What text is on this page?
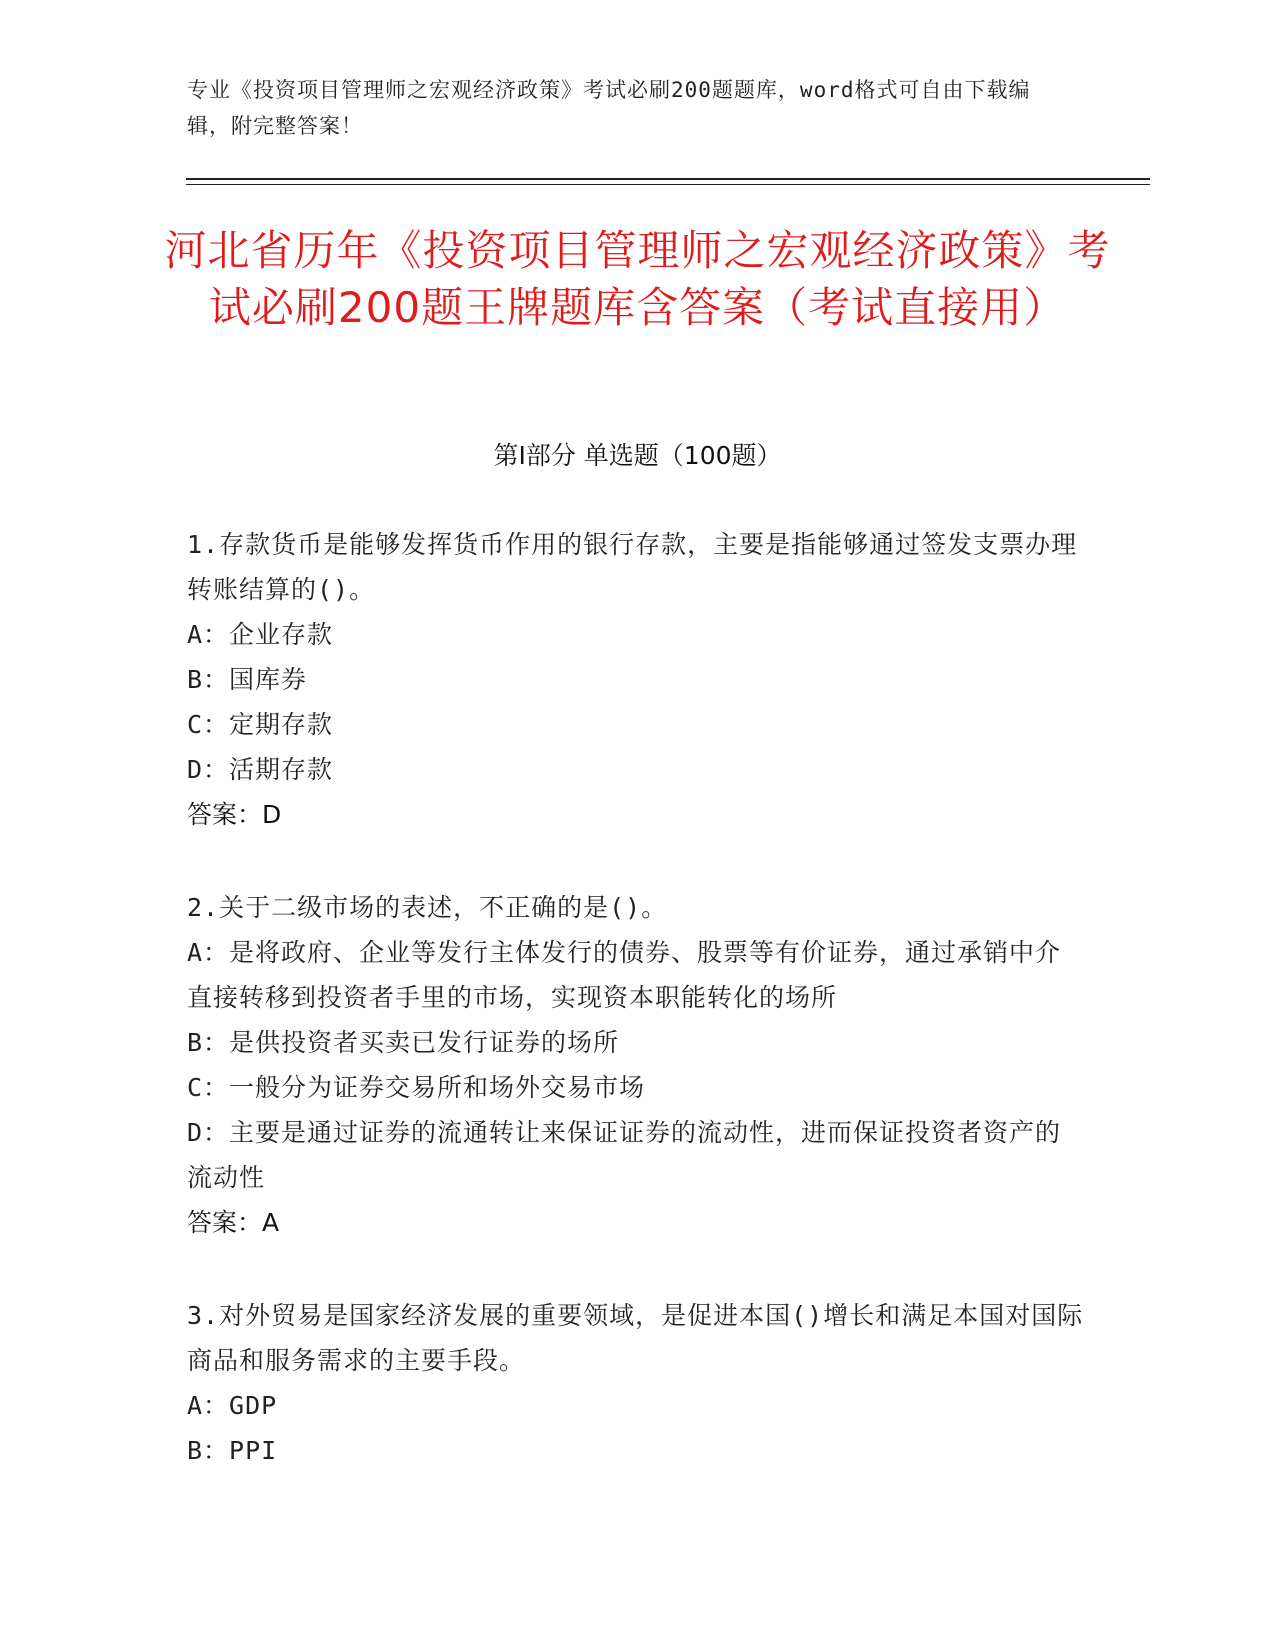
专业《投资项目管理师之宏观经济政策》考试必刷200题题库，word格式可自由下载编辑，附完整答案！
河北省历年《投资项目管理师之宏观经济政策》考试必刷200题王牌题库含答案（考试直接用）
第Ⅰ部分 单选题（100题）

1.存款货币是能够发挥货币作用的银行存款，主要是指能够通过签发支票办理转账结算的()。

A：企业存款

B：国库券

C：定期存款

D：活期存款

答案：D

2.关于二级市场的表述，不正确的是()。

A：是将政府、企业等发行主体发行的债券、股票等有价证券，通过承销中介直接转移到投资者手里的市场，实现资本职能转化的场所

B：是供投资者买卖已发行证券的场所

C：一般分为证券交易所和场外交易市场

D：主要是通过证券的流通转让来保证证券的流动性，进而保证投资者资产的流动性

答案：A

3.对外贸易是国家经济发展的重要领域，是促进本国()增长和满足本国对国际商品和服务需求的主要手段。

A：GDP

B：PPI
